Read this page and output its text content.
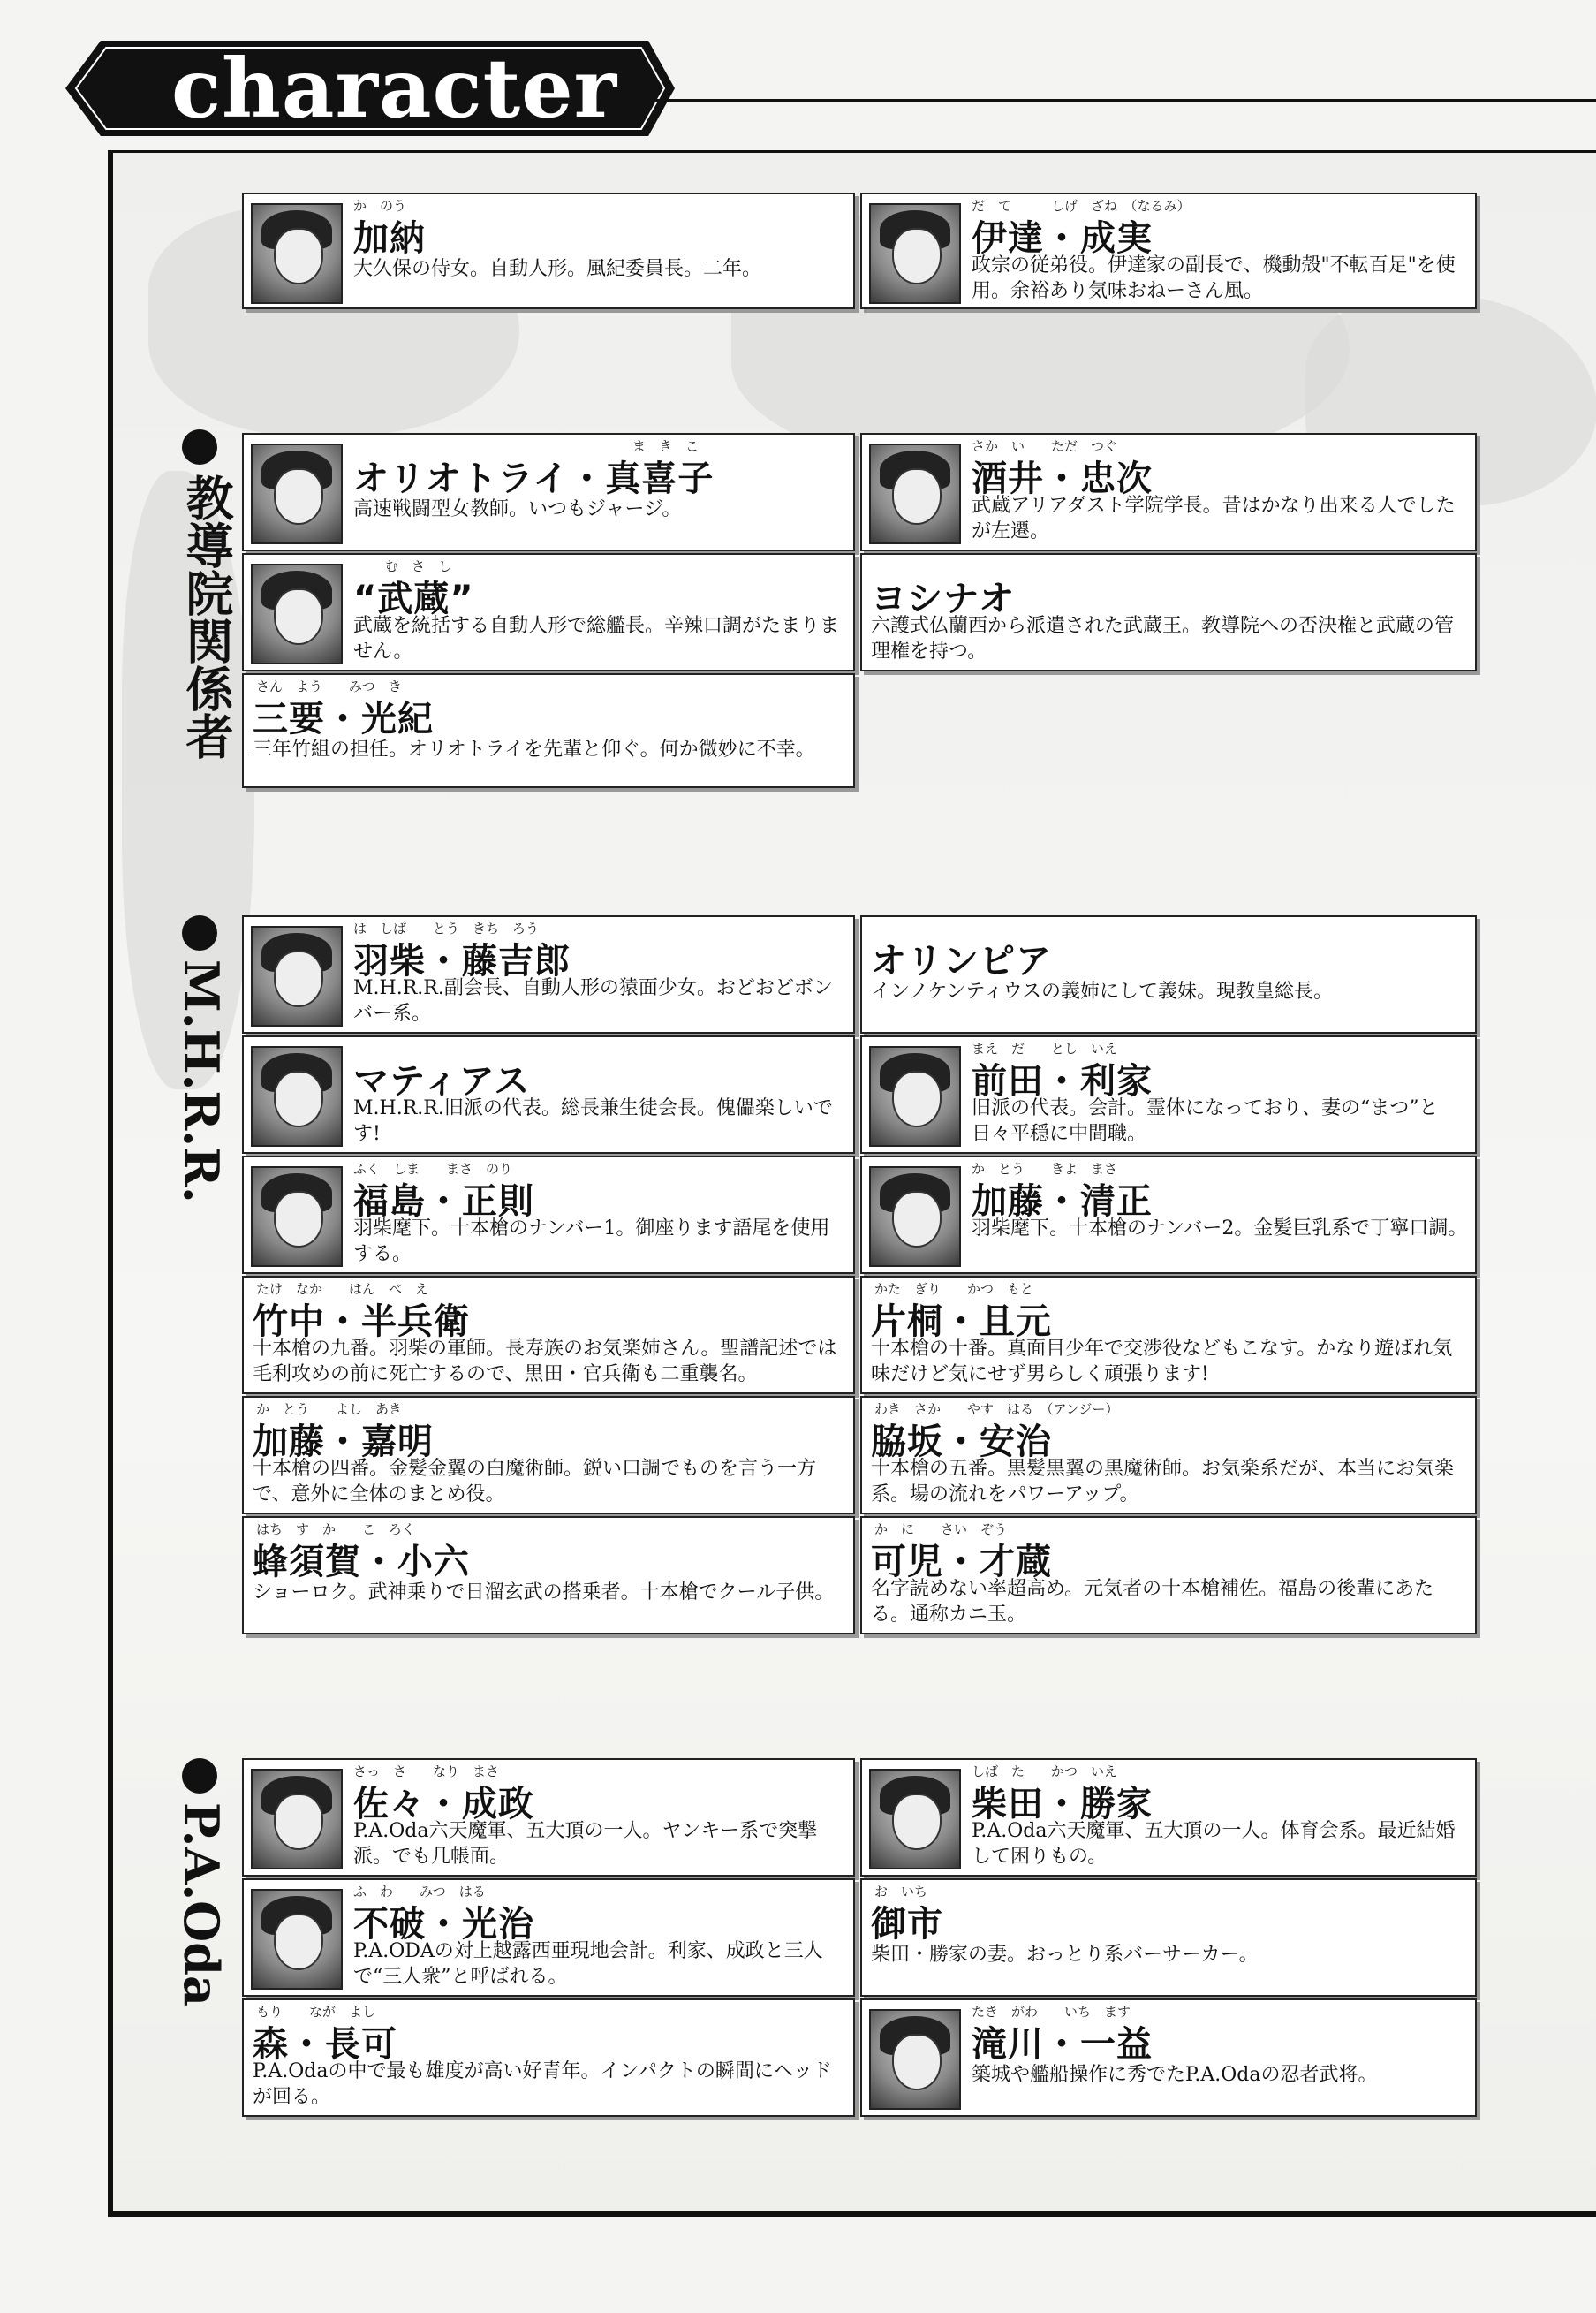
character
教導院関係者
M.H.R.R.
P.A.Oda
か　のう
加納
大久保の侍女。自動人形。風紀委員長。二年。
だ　て　　　しげ　ざね　（なるみ）
伊達・成実
政宗の従弟役。伊達家の副長で、機動殻"不転百足"を使用。余裕あり気味おねーさん風。
ま　き　こ
オリオトライ・真喜子
高速戦闘型女教師。いつもジャージ。
さか　い　　ただ　つぐ
酒井・忠次
武蔵アリアダスト学院学長。昔はかなり出来る人でしたが左遷。
む　さ　し
“武蔵”
武蔵を統括する自動人形で総艦長。辛辣口調がたまりません。
ヨシナオ
六護式仏蘭西から派遣された武蔵王。教導院への否決権と武蔵の管理権を持つ。
さん　よう　　みつ　き
三要・光紀
三年竹組の担任。オリオトライを先輩と仰ぐ。何か微妙に不幸。
は　しば　　とう　きち　ろう
羽柴・藤吉郎
M.H.R.R.副会長、自動人形の猿面少女。おどおどボンバー系。
オリンピア
インノケンティウスの義姉にして義妹。現教皇総長。
マティアス
M.H.R.R.旧派の代表。総長兼生徒会長。傀儡楽しいです!
まえ　だ　　とし　いえ
前田・利家
旧派の代表。会計。霊体になっており、妻の“まつ”と日々平穏に中間職。
ふく　しま　　まさ　のり
福島・正則
羽柴麾下。十本槍のナンバー1。御座ります語尾を使用する。
か　とう　　きよ　まさ
加藤・清正
羽柴麾下。十本槍のナンバー2。金髪巨乳系で丁寧口調。
たけ　なか　　はん　べ　え
竹中・半兵衛
十本槍の九番。羽柴の軍師。長寿族のお気楽姉さん。聖譜記述では毛利攻めの前に死亡するので、黒田・官兵衛も二重襲名。
かた　ぎり　　かつ　もと
片桐・且元
十本槍の十番。真面目少年で交渉役などもこなす。かなり遊ばれ気味だけど気にせず男らしく頑張ります!
か　とう　　よし　あき
加藤・嘉明
十本槍の四番。金髪金翼の白魔術師。鋭い口調でものを言う一方で、意外に全体のまとめ役。
わき　さか　　やす　はる　（アンジー）
脇坂・安治
十本槍の五番。黒髪黒翼の黒魔術師。お気楽系だが、本当にお気楽系。場の流れをパワーアップ。
はち　す　か　　こ　ろく
蜂須賀・小六
ショーロク。武神乗りで日溜玄武の搭乗者。十本槍でクール子供。
か　に　　さい　ぞう
可児・才蔵
名字読めない率超高め。元気者の十本槍補佐。福島の後輩にあたる。通称カニ玉。
さっ　さ　　なり　まさ
佐々・成政
P.A.Oda六天魔軍、五大頂の一人。ヤンキー系で突撃派。でも几帳面。
しば　た　　かつ　いえ
柴田・勝家
P.A.Oda六天魔軍、五大頂の一人。体育会系。最近結婚して困りもの。
ふ　わ　　みつ　はる
不破・光治
P.A.ODAの対上越露西亜現地会計。利家、成政と三人で“三人衆”と呼ばれる。
お　いち
御市
柴田・勝家の妻。おっとり系バーサーカー。
もり　　なが　よし
森・長可
P.A.Odaの中で最も雄度が高い好青年。インパクトの瞬間にヘッドが回る。
たき　がわ　　いち　ます
滝川・一益
築城や艦船操作に秀でたP.A.Odaの忍者武将。
